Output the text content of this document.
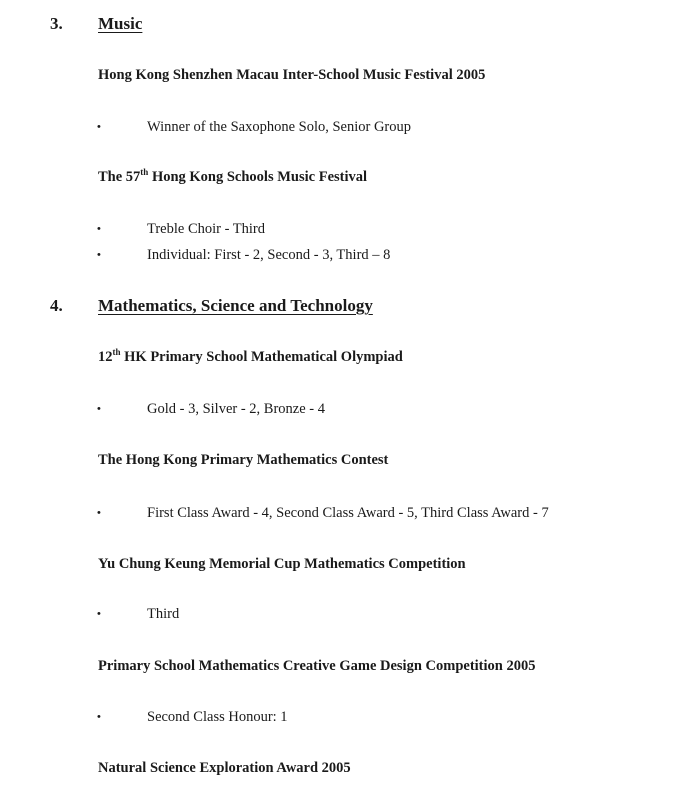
3. Music
Hong Kong Shenzhen Macau Inter-School Music Festival 2005
•	Winner of the Saxophone Solo, Senior Group
The 57th Hong Kong Schools Music Festival
•	Treble Choir - Third
•	Individual: First - 2, Second - 3, Third – 8
4. Mathematics, Science and Technology
12th HK Primary School Mathematical Olympiad
•	Gold - 3, Silver - 2, Bronze - 4
The Hong Kong Primary Mathematics Contest
•	First Class Award - 4, Second Class Award - 5, Third Class Award - 7
Yu Chung Keung Memorial Cup Mathematics Competition
•	Third
Primary School Mathematics Creative Game Design Competition 2005
•	Second Class Honour: 1
Natural Science Exploration Award 2005
